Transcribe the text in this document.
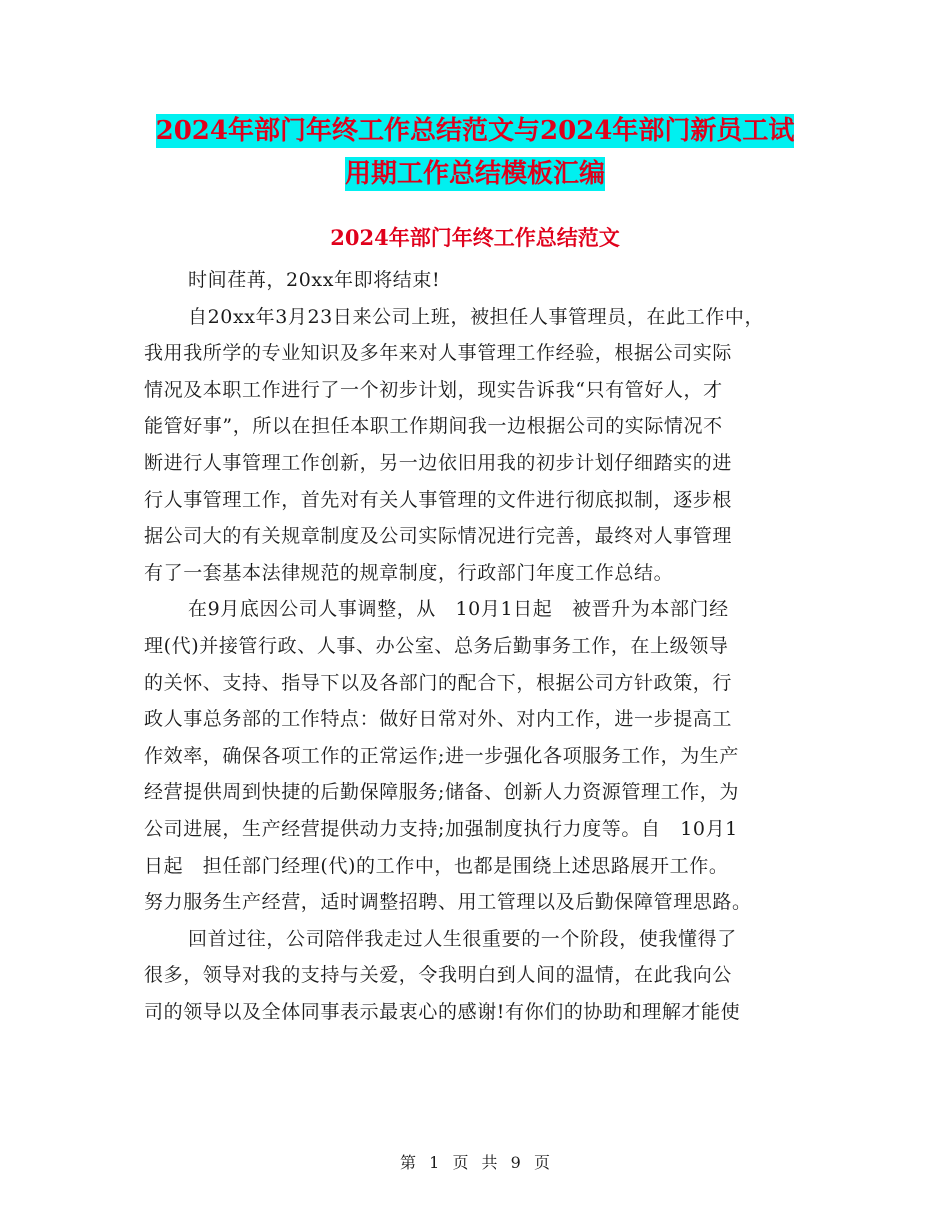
2024年部门年终工作总结范文与2024年部门新员工试
用期工作总结模板汇编
2024年部门年终工作总结范文
时间荏苒，20xx年即将结束!
自20xx年3月23日来公司上班，被担任人事管理员，在此工作中，
我用我所学的专业知识及多年来对人事管理工作经验，根据公司实际
情况及本职工作进行了一个初步计划，现实告诉我“只有管好人，才
能管好事”，所以在担任本职工作期间我一边根据公司的实际情况不
断进行人事管理工作创新，另一边依旧用我的初步计划仔细踏实的进
行人事管理工作，首先对有关人事管理的文件进行彻底拟制，逐步根
据公司大的有关规章制度及公司实际情况进行完善，最终对人事管理
有了一套基本法律规范的规章制度，行政部门年度工作总结。
在9月底因公司人事调整，从　10月1日起　被晋升为本部门经
理(代)并接管行政、人事、办公室、总务后勤事务工作，在上级领导
的关怀、支持、指导下以及各部门的配合下，根据公司方针政策，行
政人事总务部的工作特点：做好日常对外、对内工作，进一步提高工
作效率，确保各项工作的正常运作;进一步强化各项服务工作，为生产
经营提供周到快捷的后勤保障服务;储备、创新人力资源管理工作，为
公司进展，生产经营提供动力支持;加强制度执行力度等。自　10月1
日起　担任部门经理(代)的工作中，也都是围绕上述思路展开工作。
努力服务生产经营，适时调整招聘、用工管理以及后勤保障管理思路。
回首过往，公司陪伴我走过人生很重要的一个阶段，使我懂得了
很多，领导对我的支持与关爱，令我明白到人间的温情，在此我向公
司的领导以及全体同事表示最衷心的感谢!有你们的协助和理解才能使
第 1 页 共 9 页
